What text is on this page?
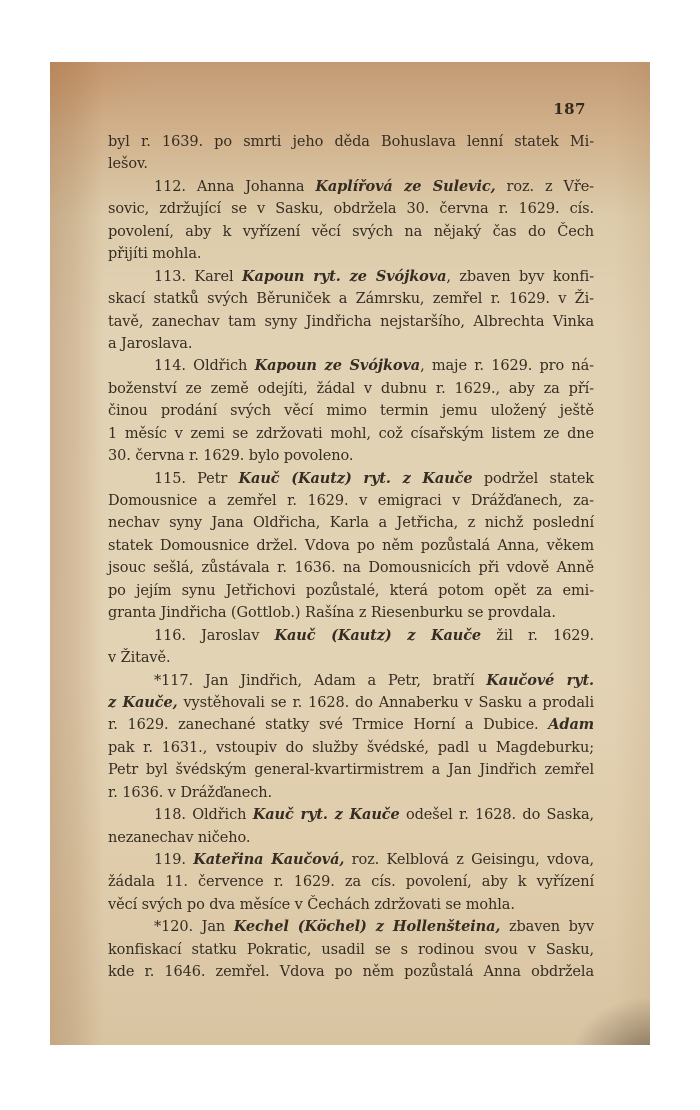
187
byl r. 1639. po smrti jeho děda Bohuslava lenní statek Mi-
lešov.
112. Anna Johanna Kaplířová ze Sulevic, roz. z Vře-
sovic, zdržující se v Sasku, obdržela 30. června r. 1629. cís.
povolení, aby k vyřízení věcí svých na nějaký čas do Čech
přijíti mohla.
113. Karel Kapoun ryt. ze Svójkova, zbaven byv konfi-
skací statků svých Běruniček a Zámrsku, zemřel r. 1629. v Ži-
tavě, zanechav tam syny Jindřicha nejstaršího, Albrechta Vinka
a Jaroslava.
114. Oldřich Kapoun ze Svójkova, maje r. 1629. pro ná-
boženství ze země odejíti, žádal v dubnu r. 1629., aby za pří-
činou prodání svých věcí mimo termin jemu uložený ještě
1 měsíc v zemi se zdržovati mohl, což císařským listem ze dne
30. června r. 1629. bylo povoleno.
115. Petr Kauč (Kautz) ryt. z Kauče podržel statek
Domousnice a zemřel r. 1629. v emigraci v Drážďanech, za-
nechav syny Jana Oldřicha, Karla a Jetřicha, z nichž poslední
statek Domousnice držel. Vdova po něm pozůstalá Anna, věkem
jsouc sešlá, zůstávala r. 1636. na Domousnicích při vdově Anně
po jejím synu Jetřichovi pozůstalé, která potom opět za emi-
granta Jindřicha (Gottlob.) Rašína z Riesenburku se provdala.
116. Jaroslav Kauč (Kautz) z Kauče žil r. 1629.
v Žitavě.
*117. Jan Jindřich, Adam a Petr, bratří Kaučové ryt.
z Kauče, vystěhovali se r. 1628. do Annaberku v Sasku a prodali
r. 1629. zanechané statky své Trmice Horní a Dubice. Adam
pak r. 1631., vstoupiv do služby švédské, padl u Magdeburku;
Petr byl švédským general-kvartirmistrem a Jan Jindřich zemřel
r. 1636. v Drážďanech.
118. Oldřich Kauč ryt. z Kauče odešel r. 1628. do Saska,
nezanechav ničeho.
119. Kateřina Kaučová, roz. Kelblová z Geisingu, vdova,
žádala 11. července r. 1629. za cís. povolení, aby k vyřízení
věcí svých po dva měsíce v Čechách zdržovati se mohla.
*120. Jan Kechel (Köchel) z Hollenšteina, zbaven byv
konfiskací statku Pokratic, usadil se s rodinou svou v Sasku,
kde r. 1646. zemřel. Vdova po něm pozůstalá Anna obdržela
